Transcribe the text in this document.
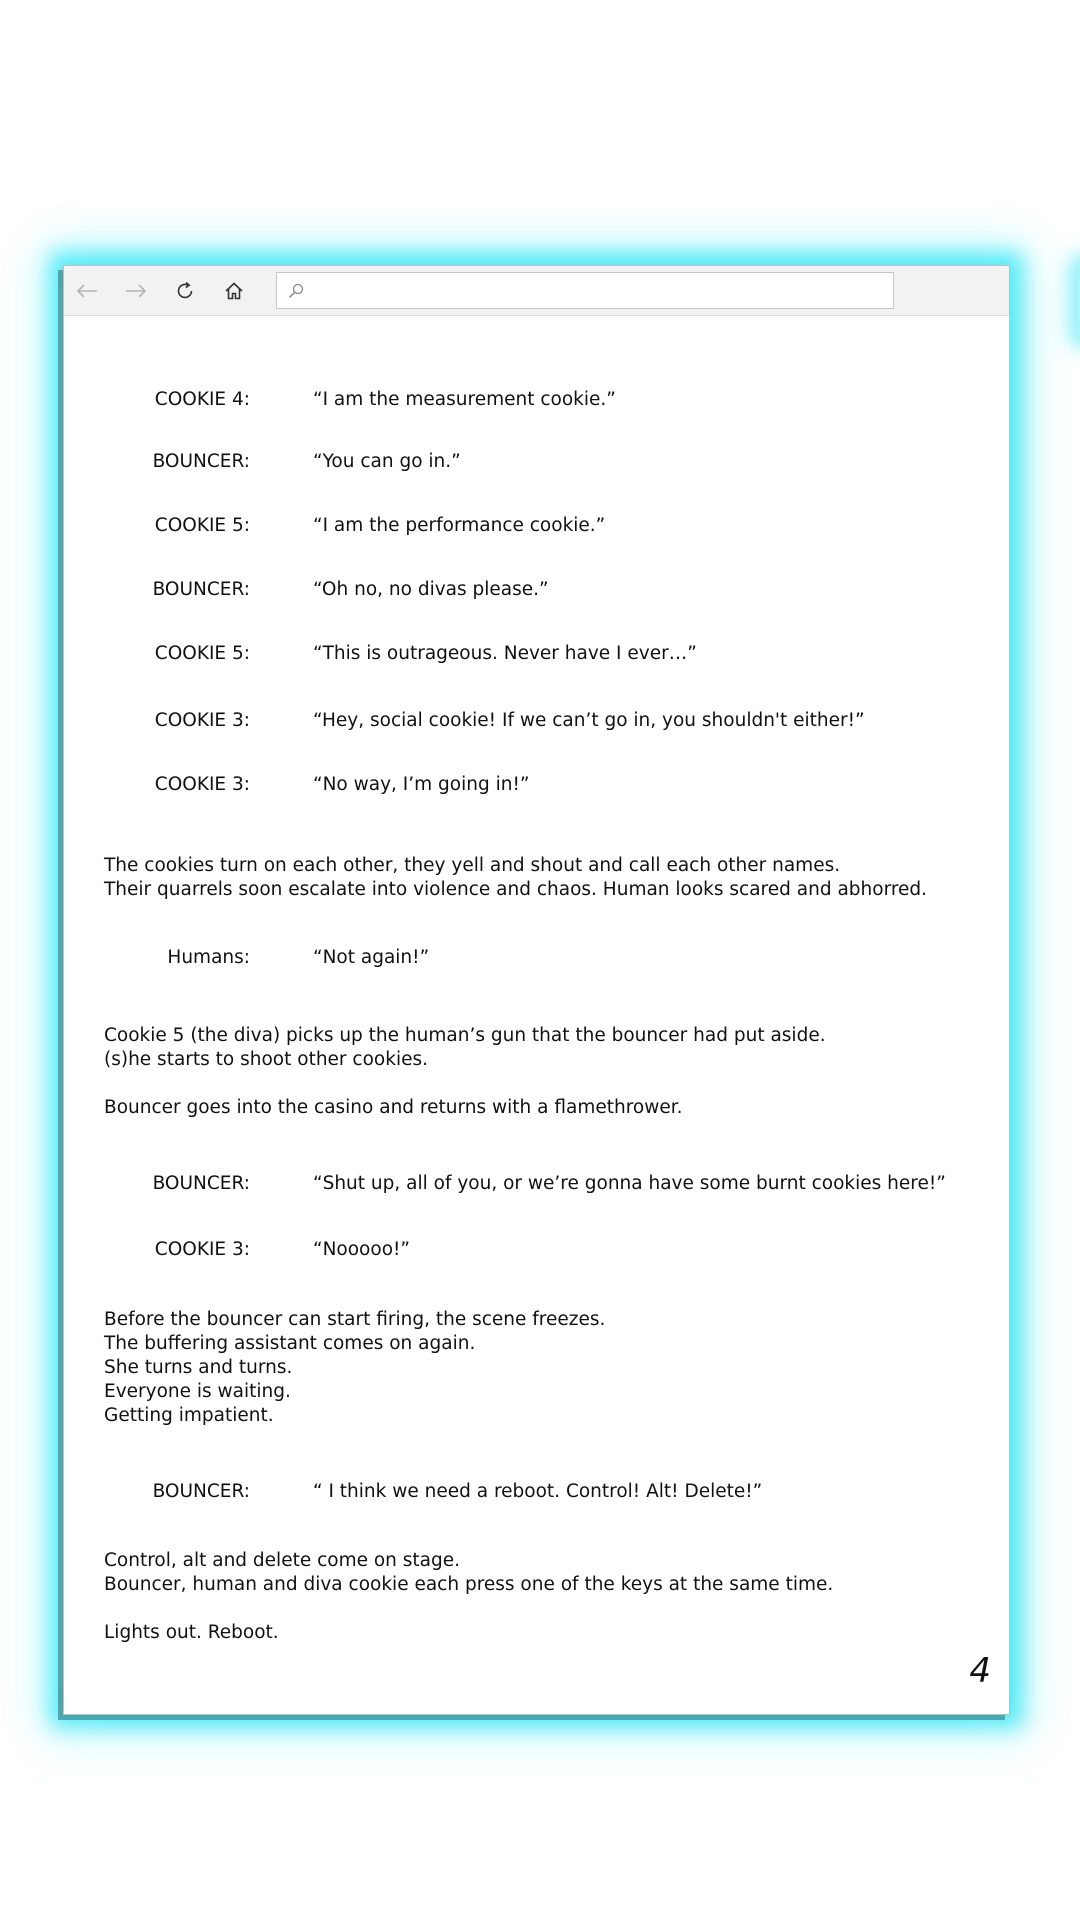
COOKIE 4:	“I am the measurement cookie.”
BOUNCER:	“You can go in.”
COOKIE 5:	“I am the performance cookie.”
BOUNCER:	“Oh no, no divas please.”
COOKIE 5:	“This is outrageous. Never have I ever…”
COOKIE 3:	“Hey, social cookie! If we can’t go in, you shouldn't either!”
COOKIE 3:	“No way, I’m going in!”
The cookies turn on each other, they yell and shout and call each other names.
Their quarrels soon escalate into violence and chaos. Human looks scared and abhorred.
Humans:	“Not again!”
Cookie 5 (the diva) picks up the human’s gun that the bouncer had put aside.
(s)he starts to shoot other cookies.
Bouncer goes into the casino and returns with a flamethrower.
BOUNCER:	“Shut up, all of you, or we’re gonna have some burnt cookies here!”
COOKIE 3:	“Nooooo!”
Before the bouncer can start firing, the scene freezes.
The buffering assistant comes on again.
She turns and turns.
Everyone is waiting.
Getting impatient.
BOUNCER:	“ I think we need a reboot. Control! Alt! Delete!”
Control, alt and delete come on stage.
Bouncer, human and diva cookie each press one of the keys at the same time.
Lights out. Reboot.
4
